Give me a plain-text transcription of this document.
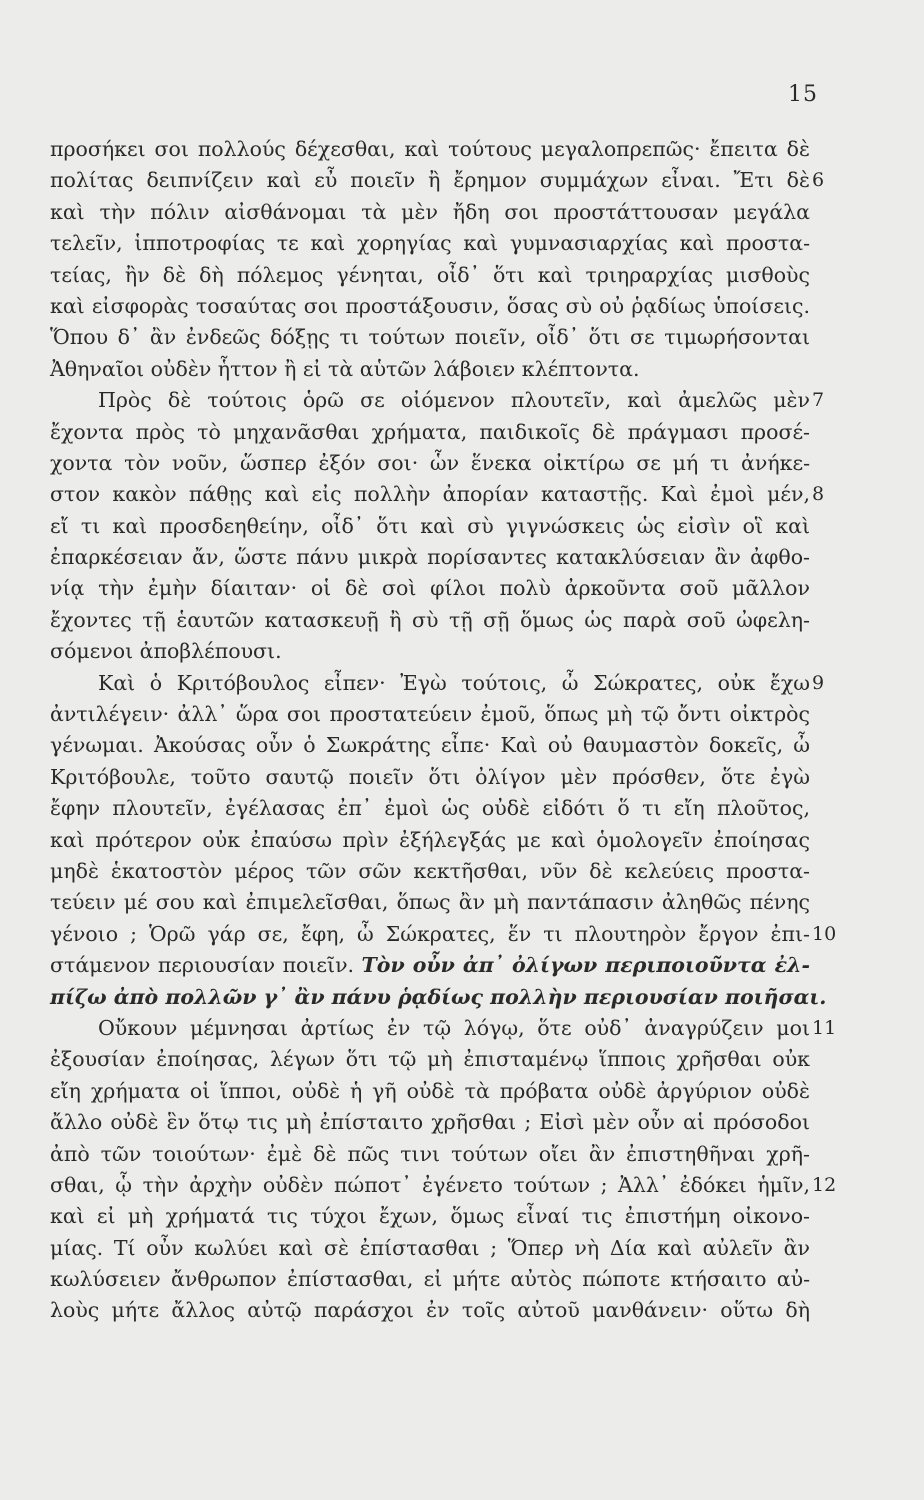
15
προσήκει σοι πολλούς δέχεσθαι, καὶ τούτους μεγαλοπρεπῶς· ἔπειτα δὲ
πολίτας δειπνίζειν καὶ εὖ ποιεῖν ἢ ἔρημον συμμάχων εἶναι. Ἔτι δὲ
καὶ τὴν πόλιν αἰσθάνομαι τὰ μὲν ἤδη σοι προστάττουσαν μεγάλα
τελεῖν, ἱπποτροφίας τε καὶ χορηγίας καὶ γυμνασιαρχίας καὶ προστα-
τείας, ἢν δὲ δὴ πόλεμος γένηται, οἶδ᾽ ὅτι καὶ τριηραρχίας μισθοὺς
καὶ εἰσφορὰς τοσαύτας σοι προστάξουσιν, ὅσας σὺ οὐ ῥᾳδίως ὑποίσεις.
Ὅπου δ᾽ ἂν ἐνδεῶς δόξῃς τι τούτων ποιεῖν, οἶδ᾽ ὅτι σε τιμωρήσονται
Ἀθηναῖοι οὐδὲν ἧττον ἢ εἰ τὰ αὑτῶν λάβοιεν κλέπτοντα.
Πρὸς δὲ τούτοις ὁρῶ σε οἰόμενον πλουτεῖν, καὶ ἀμελῶς μὲν
ἔχοντα πρὸς τὸ μηχανᾶσθαι χρήματα, παιδικοῖς δὲ πράγμασι προσέ-
χοντα τὸν νοῦν, ὥσπερ ἐξόν σοι· ὧν ἕνεκα οἰκτίρω σε μή τι ἀνήκε-
στον κακὸν πάθῃς καὶ εἰς πολλὴν ἀπορίαν καταστῇς. Καὶ ἐμοὶ μέν,
εἴ τι καὶ προσδεηθείην, οἶδ᾽ ὅτι καὶ σὺ γιγνώσκεις ὡς εἰσὶν οἳ καὶ
ἐπαρκέσειαν ἄν, ὥστε πάνυ μικρὰ πορίσαντες κατακλύσειαν ἂν ἀφθο-
νίᾳ τὴν ἐμὴν δίαιταν· οἱ δὲ σοὶ φίλοι πολὺ ἀρκοῦντα σοῦ μᾶλλον
ἔχοντες τῇ ἑαυτῶν κατασκευῇ ἢ σὺ τῇ σῇ ὅμως ὡς παρὰ σοῦ ὠφελη-
σόμενοι ἀποβλέπουσι.
Καὶ ὁ Κριτόβουλος εἶπεν· Ἐγὼ τούτοις, ὦ Σώκρατες, οὐκ ἔχω
ἀντιλέγειν· ἀλλ᾽ ὥρα σοι προστατεύειν ἐμοῦ, ὅπως μὴ τῷ ὄντι οἰκτρὸς
γένωμαι. Ἀκούσας οὖν ὁ Σωκράτης εἶπε· Καὶ οὐ θαυμαστὸν δοκεῖς, ὦ
Κριτόβουλε, τοῦτο σαυτῷ ποιεῖν ὅτι ὀλίγον μὲν πρόσθεν, ὅτε ἐγὼ
ἔφην πλουτεῖν, ἐγέλασας ἐπ᾽ ἐμοὶ ὡς οὐδὲ εἰδότι ὅ τι εἴη πλοῦτος,
καὶ πρότερον οὐκ ἐπαύσω πρὶν ἐξήλεγξάς με καὶ ὁμολογεῖν ἐποίησας
μηδὲ ἑκατοστὸν μέρος τῶν σῶν κεκτῆσθαι, νῦν δὲ κελεύεις προστα-
τεύειν μέ σου καὶ ἐπιμελεῖσθαι, ὅπως ἂν μὴ παντάπασιν ἀληθῶς πένης
γένοιο ; Ὁρῶ γάρ σε, ἔφη, ὦ Σώκρατες, ἕν τι πλουτηρὸν ἔργον ἐπι-
στάμενον περιουσίαν ποιεῖν. Τὸν οὖν ἀπ᾽ ὀλίγων περιποιοῦντα ἐλ-
πίζω ἀπὸ πολλῶν γ᾽ ἂν πάνυ ῥᾳδίως πολλὴν περιουσίαν ποιῆσαι.
Οὔκουν μέμνησαι ἀρτίως ἐν τῷ λόγῳ, ὅτε οὐδ᾽ ἀναγρύζειν μοι
ἐξουσίαν ἐποίησας, λέγων ὅτι τῷ μὴ ἐπισταμένῳ ἵπποις χρῆσθαι οὐκ
εἴη χρήματα οἱ ἵπποι, οὐδὲ ἡ γῆ οὐδὲ τὰ πρόβατα οὐδὲ ἀργύριον οὐδὲ
ἄλλο οὐδὲ ἓν ὅτῳ τις μὴ ἐπίσταιτο χρῆσθαι ; Εἰσὶ μὲν οὖν αἱ πρόσοδοι
ἀπὸ τῶν τοιούτων· ἐμὲ δὲ πῶς τινι τούτων οἴει ἂν ἐπιστηθῆναι χρῆ-
σθαι, ᾧ τὴν ἀρχὴν οὐδὲν πώποτ᾽ ἐγένετο τούτων ; Ἀλλ᾽ ἐδόκει ἡμῖν,
καὶ εἰ μὴ χρήματά τις τύχοι ἔχων, ὅμως εἶναί τις ἐπιστήμη οἰκονο-
μίας. Τί οὖν κωλύει καὶ σὲ ἐπίστασθαι ; Ὅπερ νὴ Δία καὶ αὐλεῖν ἂν
κωλύσειεν ἄνθρωπον ἐπίστασθαι, εἰ μήτε αὐτὸς πώποτε κτήσαιτο αὐ-
λοὺς μήτε ἄλλος αὐτῷ παράσχοι ἐν τοῖς αὐτοῦ μανθάνειν· οὕτω δὴ
6
7
8
9
10
11
12
